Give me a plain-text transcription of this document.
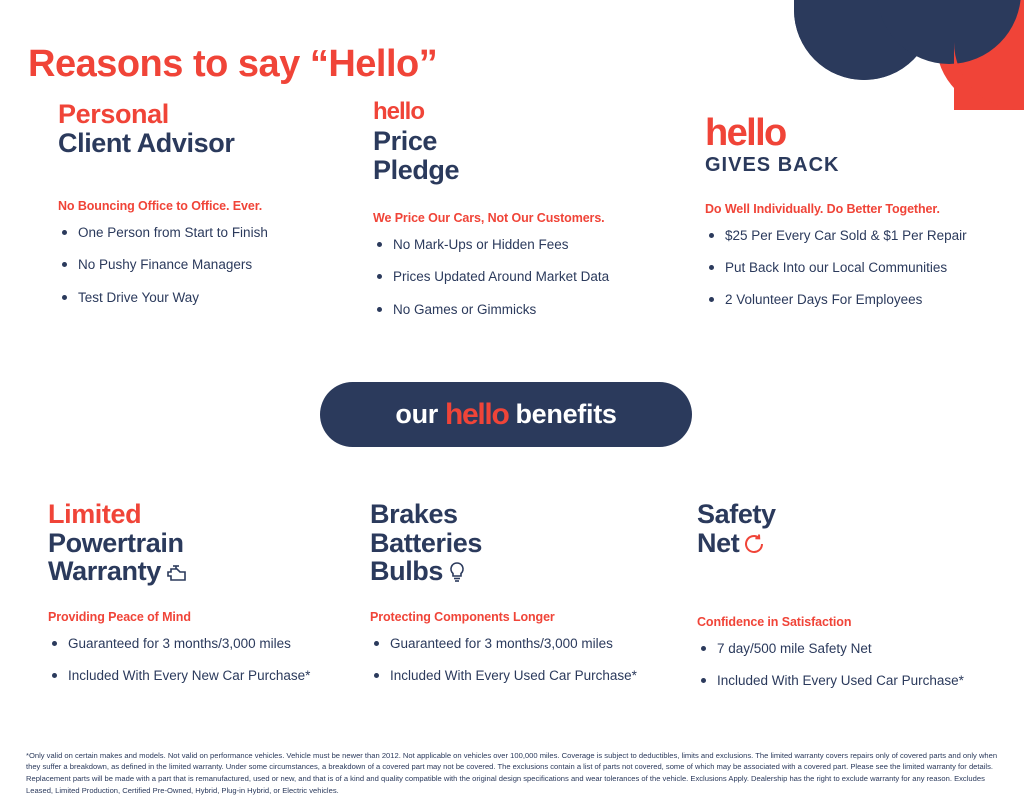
Reasons to say “Hello”
Personal
Client Advisor

No Bouncing Office to Office. Ever.

One Person from Start to Finish
No Pushy Finance Managers
Test Drive Your Way
hello
Price
Pledge

We Price Our Cars, Not Our Customers.

No Mark-Ups or Hidden Fees
Prices Updated Around Market Data
No Games or Gimmicks
hello
GIVES BACK

Do Well Individually. Do Better Together.

$25 Per Every Car Sold & $1 Per Repair
Put Back Into our Local Communities
2 Volunteer Days For Employees
our hello benefits
Limited
Powertrain
Warranty

Providing Peace of Mind

Guaranteed for 3 months/3,000 miles
Included With Every New Car Purchase*
Brakes
Batteries
Bulbs

Protecting Components Longer

Guaranteed for 3 months/3,000 miles
Included With Every Used Car Purchase*
Safety
Net

Confidence in Satisfaction

7 day/500 mile Safety Net
Included With Every Used Car Purchase*

*Only valid on certain makes and models. Not valid on performance vehicles. Vehicle must be newer than 2012. Not applicable on vehicles over 100,000 miles. Coverage is subject to deductibles, limits and exclusions. The limited warranty covers repairs only of covered parts and only when they suffer a breakdown, as defined in the limited warranty. Under some circumstances, a breakdown of a covered part may not be covered. The exclusions contain a list of parts not covered, some of which may be associated with a covered part. Please see the limited warranty for details. Replacement parts will be made with a part that is remanufactured, used or new, and that is of a kind and quality compatible with the original design specifications and wear tolerances of the vehicle. Exclusions Apply. Dealership has the right to exclude warranty for any reason. Excludes Leased, Limited Production, Certified Pre-Owned, Hybrid, Plug-in Hybrid, or Electric vehicles.
